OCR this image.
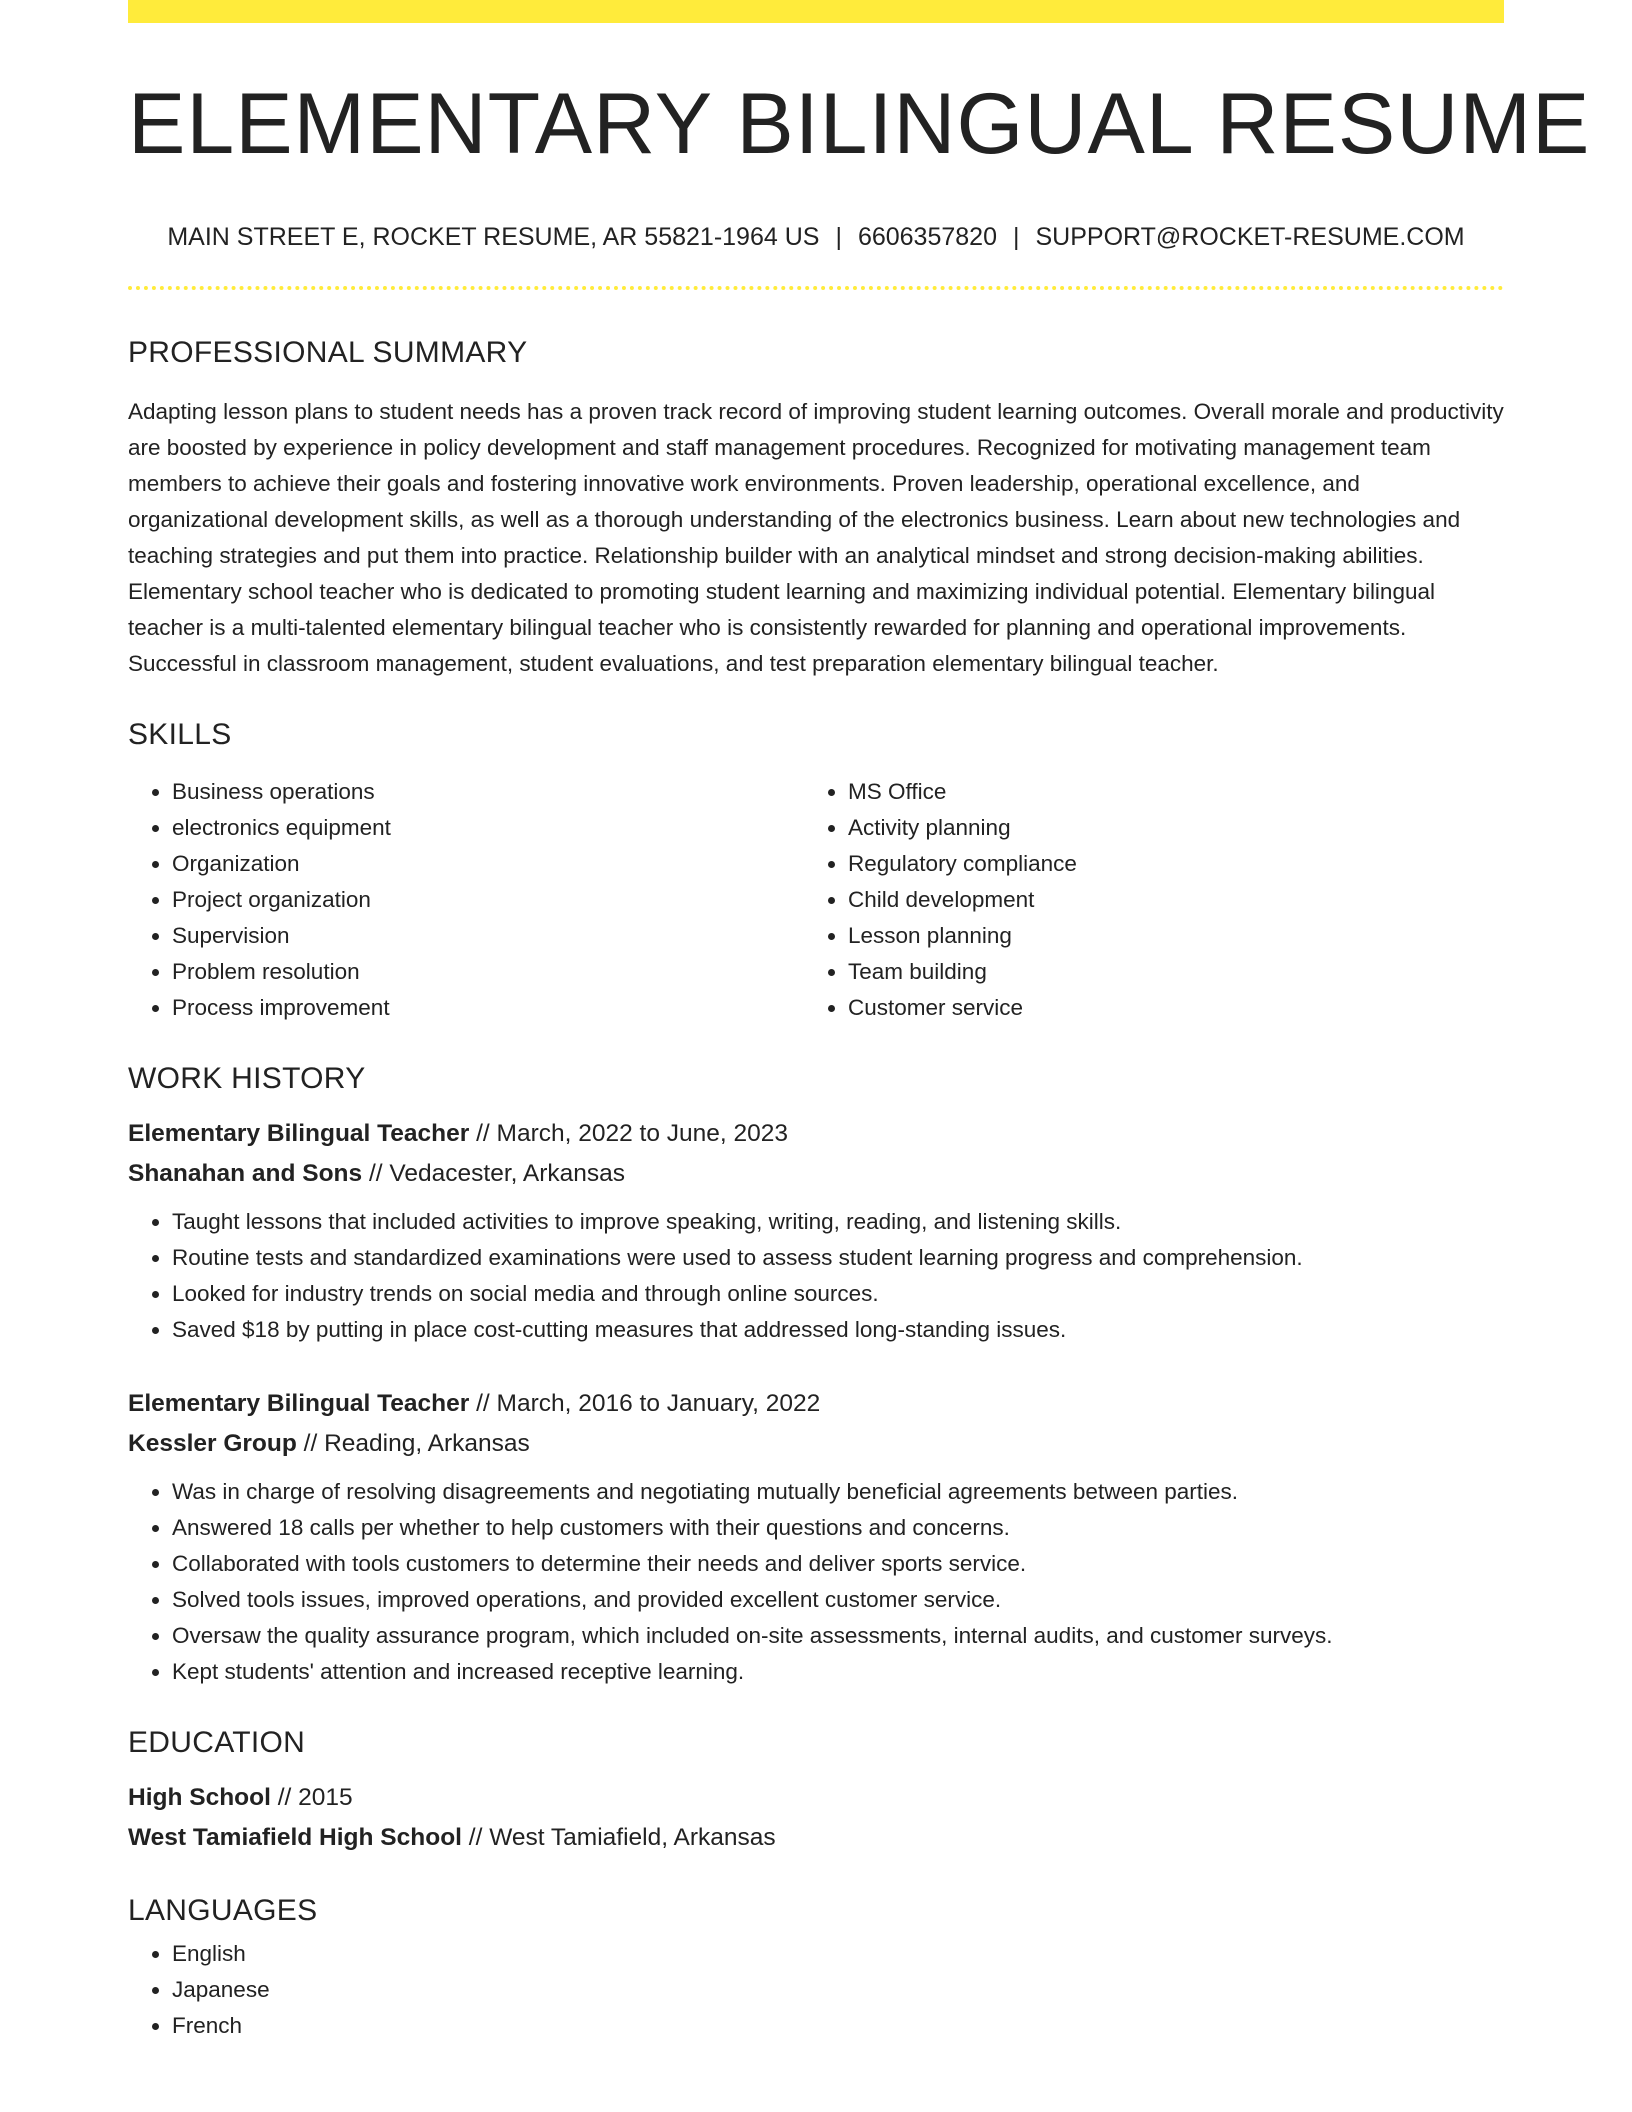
ELEMENTARY BILINGUAL RESUME
MAIN STREET E, ROCKET RESUME, AR 55821-1964 US | 6606357820 | SUPPORT@ROCKET-RESUME.COM
PROFESSIONAL SUMMARY

Adapting lesson plans to student needs has a proven track record of improving student learning outcomes. Overall morale and productivity are boosted by experience in policy development and staff management procedures. Recognized for motivating management team members to achieve their goals and fostering innovative work environments. Proven leadership, operational excellence, and organizational development skills, as well as a thorough understanding of the electronics business. Learn about new technologies and teaching strategies and put them into practice. Relationship builder with an analytical mindset and strong decision-making abilities. Elementary school teacher who is dedicated to promoting student learning and maximizing individual potential. Elementary bilingual teacher is a multi-talented elementary bilingual teacher who is consistently rewarded for planning and operational improvements. Successful in classroom management, student evaluations, and test preparation elementary bilingual teacher.

SKILLS
• Business operations
• electronics equipment
• Organization
• Project organization
• Supervision
• Problem resolution
• Process improvement
• MS Office
• Activity planning
• Regulatory compliance
• Child development
• Lesson planning
• Team building
• Customer service
WORK HISTORY
Elementary Bilingual Teacher // March, 2022 to June, 2023
Shanahan and Sons // Vedacester, Arkansas
• Taught lessons that included activities to improve speaking, writing, reading, and listening skills.
• Routine tests and standardized examinations were used to assess student learning progress and comprehension.
• Looked for industry trends on social media and through online sources.
• Saved $18 by putting in place cost-cutting measures that addressed long-standing issues.
Elementary Bilingual Teacher // March, 2016 to January, 2022
Kessler Group // Reading, Arkansas
• Was in charge of resolving disagreements and negotiating mutually beneficial agreements between parties.
• Answered 18 calls per whether to help customers with their questions and concerns.
• Collaborated with tools customers to determine their needs and deliver sports service.
• Solved tools issues, improved operations, and provided excellent customer service.
• Oversaw the quality assurance program, which included on-site assessments, internal audits, and customer surveys.
• Kept students' attention and increased receptive learning.
EDUCATION
High School // 2015
West Tamiafield High School // West Tamiafield, Arkansas
LANGUAGES
• English
• Japanese
• French
